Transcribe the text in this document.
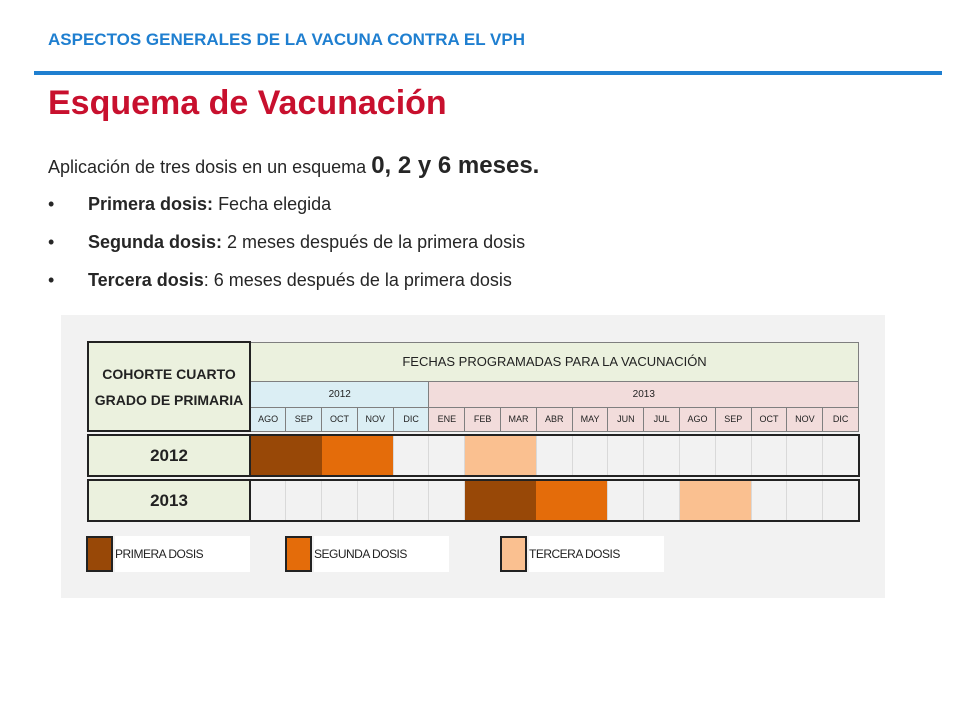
ASPECTOS GENERALES DE LA VACUNA CONTRA EL VPH
Esquema de Vacunación
Aplicación de tres dosis en un esquema 0, 2 y 6 meses.
• Primera dosis: Fecha elegida
• Segunda dosis: 2 meses después de la primera dosis
• Tercera dosis: 6 meses después de la primera dosis
COHORTE CUARTO GRADO DE PRIMARIA	FECHAS PROGRAMADAS PARA LA VACUNACIÓN																
	2012					2013											
	AGO	SEP	OCT	NOV	DIC	ENE	FEB	MAR	ABR	MAY	JUN	JUL	AGO	SEP	OCT	NOV	DIC

2012																	

2013																	

PRIMERA DOSIS	SEGUNDA DOSIS	TERCERA DOSIS
